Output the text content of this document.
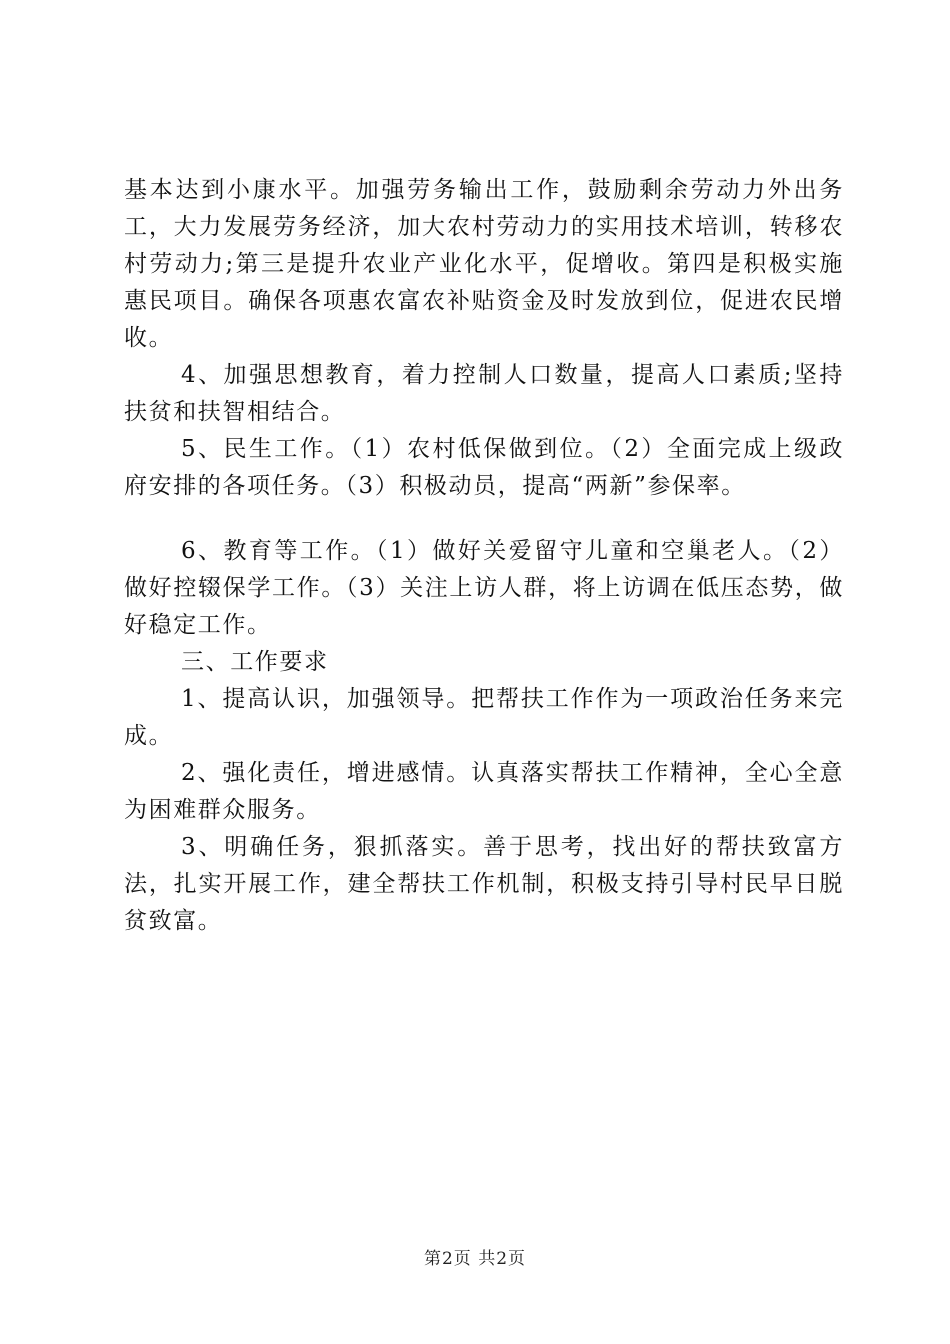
基本达到小康水平。加强劳务输出工作，鼓励剩余劳动力外出务工，大力发展劳务经济，加大农村劳动力的实用技术培训，转移农村劳动力;第三是提升农业产业化水平，促增收。第四是积极实施惠民项目。确保各项惠农富农补贴资金及时发放到位，促进农民增收。

4、加强思想教育，着力控制人口数量，提高人口素质;坚持扶贫和扶智相结合。

5、民生工作。（1）农村低保做到位。（2）全面完成上级政府安排的各项任务。（3）积极动员，提高“两新”参保率。

6、教育等工作。（1）做好关爱留守儿童和空巢老人。（2）做好控辍保学工作。（3）关注上访人群，将上访调在低压态势，做好稳定工作。

三、工作要求

1、提高认识，加强领导。把帮扶工作作为一项政治任务来完成。

2、强化责任，增进感情。认真落实帮扶工作精神，全心全意为困难群众服务。

3、明确任务，狠抓落实。善于思考，找出好的帮扶致富方法，扎实开展工作，建全帮扶工作机制，积极支持引导村民早日脱贫致富。

第2页 共2页
